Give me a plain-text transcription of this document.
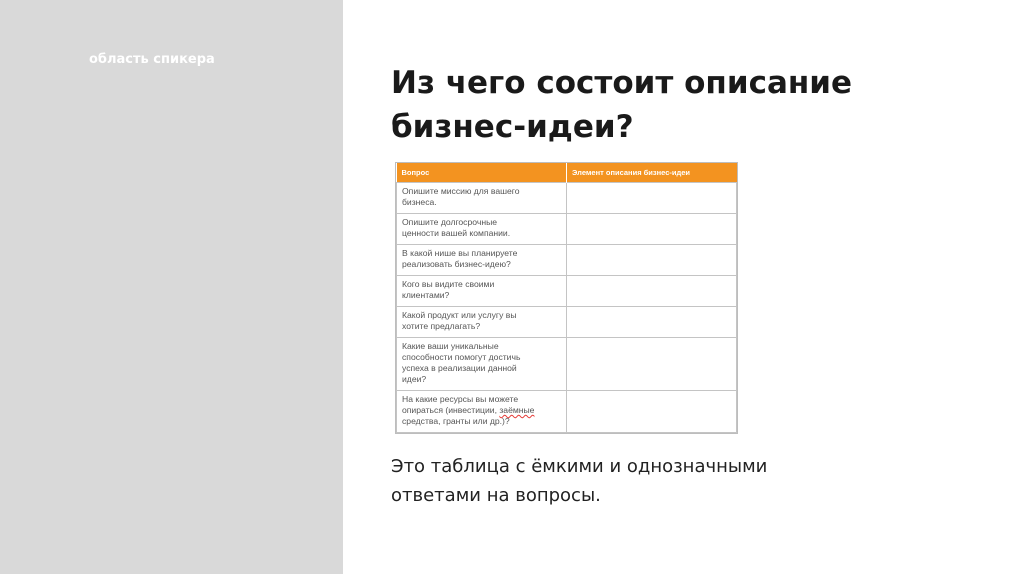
область спикера
Из чего состоит описание
бизнес-идеи?
Вопрос	Элемент описания бизнес-идеи

Опишите миссию для вашего
бизнеса.	

Опишите долгосрочные
ценности вашей компании.	

В какой нише вы планируете
реализовать бизнес-идею?	

Кого вы видите своими
клиентами?	

Какой продукт или услугу вы
хотите предлагать?	

Какие ваши уникальные
способности помогут достичь
успеха в реализации данной
идеи?	

На какие ресурсы вы можете
опираться (инвестиции, заёмные
средства, гранты или др.)?	

Это таблица с ёмкими и однозначными
ответами на вопросы.
